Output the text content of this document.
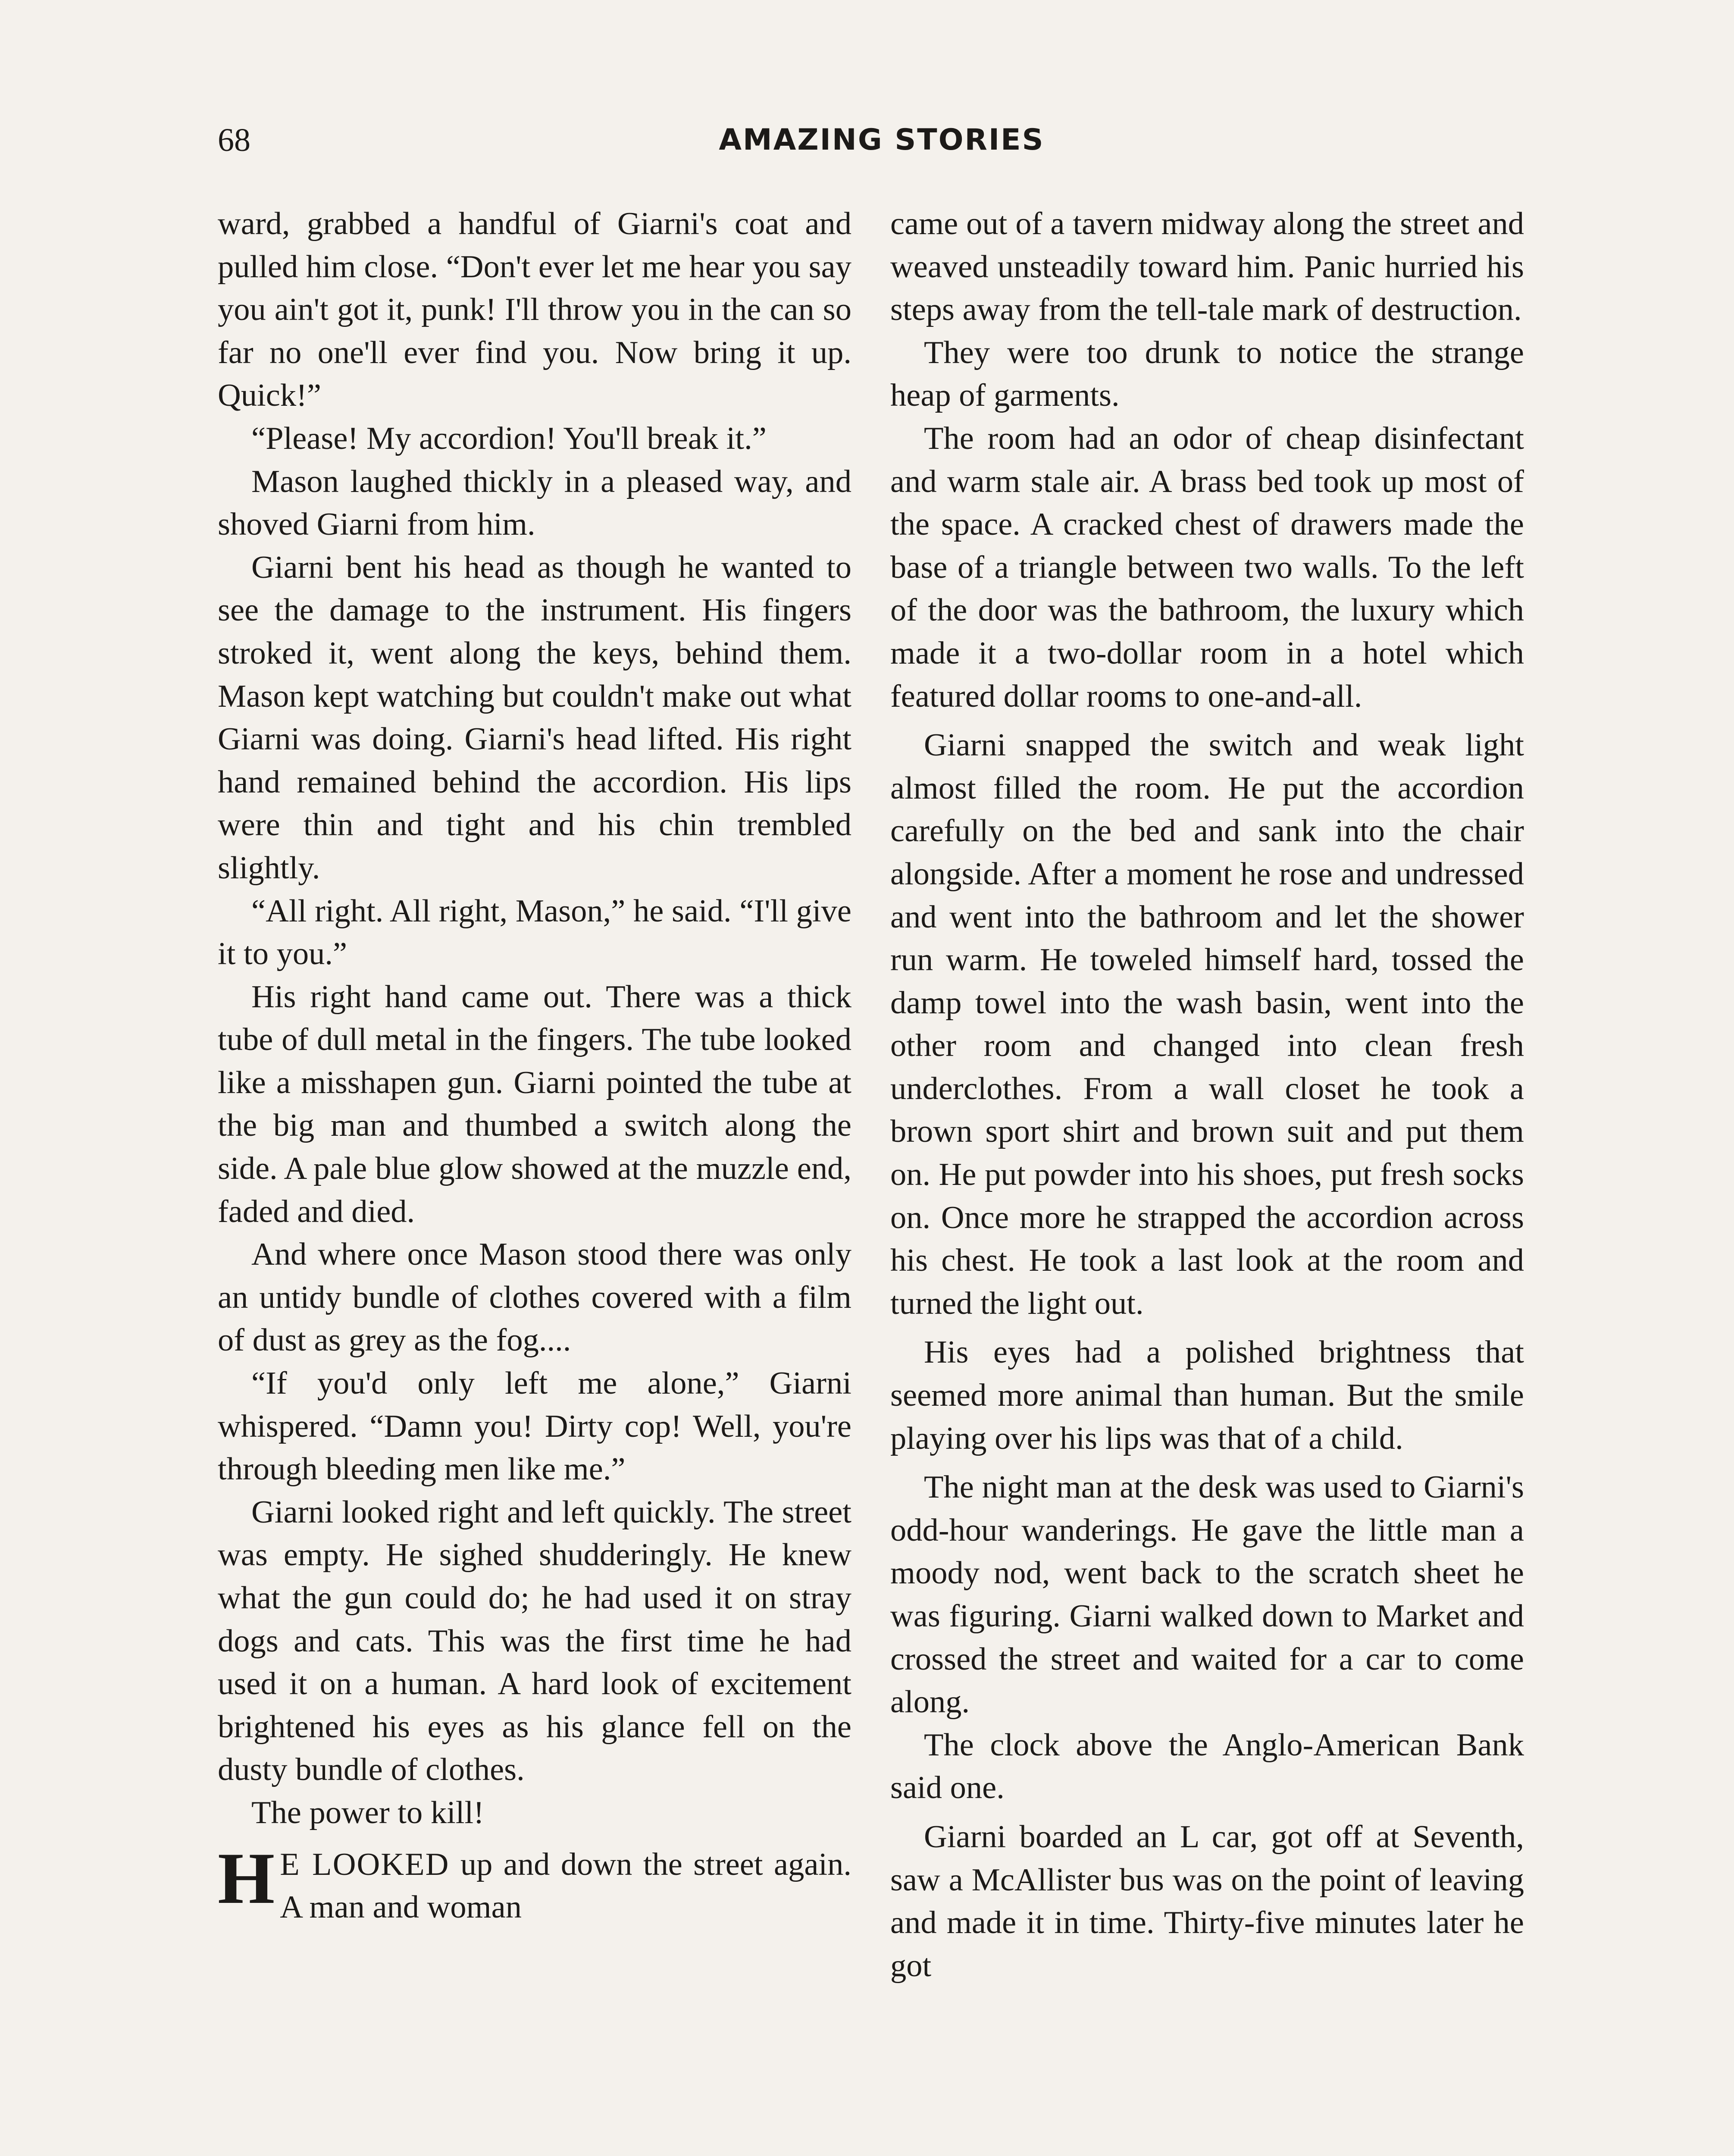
68	AMAZING STORIES

ward, grabbed a handful of Giarni's coat and pulled him close. “Don't ever let me hear you say you ain't got it, punk! I'll throw you in the can so far no one'll ever find you. Now bring it up. Quick!”

“Please! My accordion! You'll break it.”

Mason laughed thickly in a pleased way, and shoved Giarni from him.

Giarni bent his head as though he wanted to see the damage to the instrument. His fingers stroked it, went along the keys, behind them. Mason kept watching but couldn't make out what Giarni was doing. Giarni's head lifted. His right hand remained behind the accordion. His lips were thin and tight and his chin trembled slightly.

“All right. All right, Mason,” he said. “I'll give it to you.”

His right hand came out. There was a thick tube of dull metal in the fingers. The tube looked like a misshapen gun. Giarni pointed the tube at the big man and thumbed a switch along the side. A pale blue glow showed at the muzzle end, faded and died.

And where once Mason stood there was only an untidy bundle of clothes covered with a film of dust as grey as the fog....

“If you'd only left me alone,” Giarni whispered. “Damn you! Dirty cop! Well, you're through bleeding men like me.”

Giarni looked right and left quickly. The street was empty. He sighed shudderingly. He knew what the gun could do; he had used it on stray dogs and cats. This was the first time he had used it on a human. A hard look of excitement brightened his eyes as his glance fell on the dusty bundle of clothes.

The power to kill!

H E LOOKED up and down the street again. A man and woman

came out of a tavern midway along the street and weaved unsteadily toward him. Panic hurried his steps away from the tell-tale mark of destruction.

They were too drunk to notice the strange heap of garments.

The room had an odor of cheap disinfectant and warm stale air. A brass bed took up most of the space. A cracked chest of drawers made the base of a triangle between two walls. To the left of the door was the bathroom, the luxury which made it a two-dollar room in a hotel which featured dollar rooms to one-and-all.

Giarni snapped the switch and weak light almost filled the room. He put the accordion carefully on the bed and sank into the chair alongside. After a moment he rose and undressed and went into the bathroom and let the shower run warm. He toweled himself hard, tossed the damp towel into the wash basin, went into the other room and changed into clean fresh underclothes. From a wall closet he took a brown sport shirt and brown suit and put them on. He put powder into his shoes, put fresh socks on. Once more he strapped the accordion across his chest. He took a last look at the room and turned the light out.

His eyes had a polished brightness that seemed more animal than human. But the smile playing over his lips was that of a child.

The night man at the desk was used to Giarni's odd-hour wanderings. He gave the little man a moody nod, went back to the scratch sheet he was figuring. Giarni walked down to Market and crossed the street and waited for a car to come along.

The clock above the Anglo-American Bank said one.

Giarni boarded an L car, got off at Seventh, saw a McAllister bus was on the point of leaving and made it in time. Thirty-five minutes later he got
